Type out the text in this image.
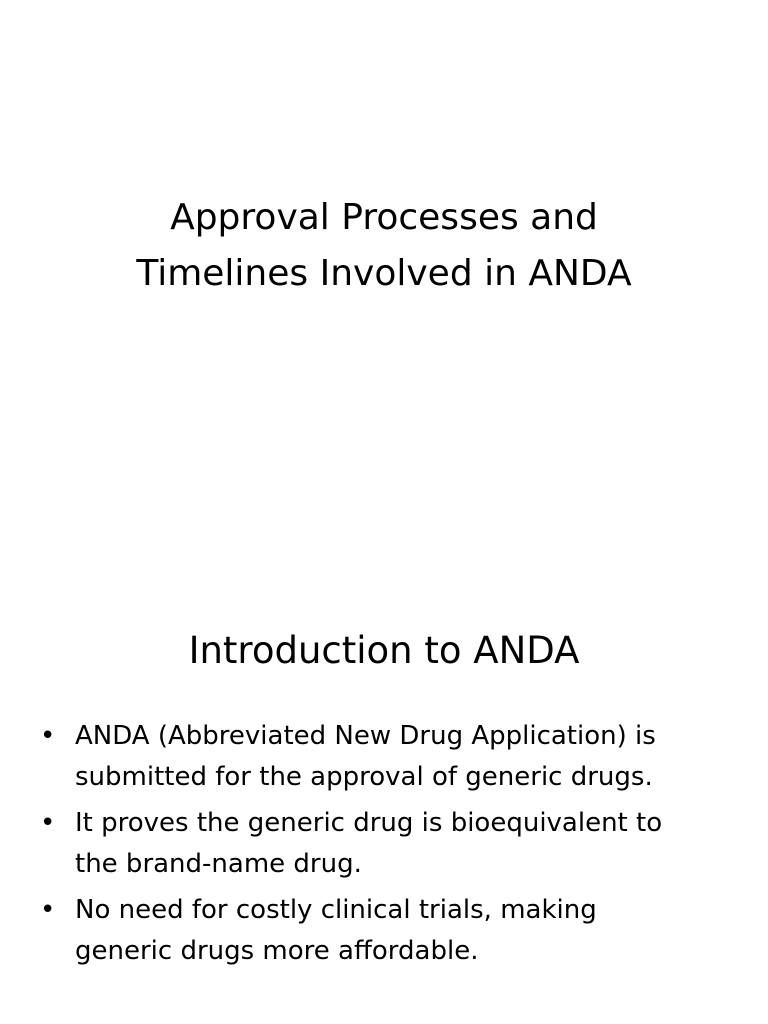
Approval Processes and
Timelines Involved in ANDA
Introduction to ANDA
• ANDA (Abbreviated New Drug Application) is
submitted for the approval of generic drugs.
• It proves the generic drug is bioequivalent to
the brand-name drug.
• No need for costly clinical trials, making
generic drugs more affordable.
